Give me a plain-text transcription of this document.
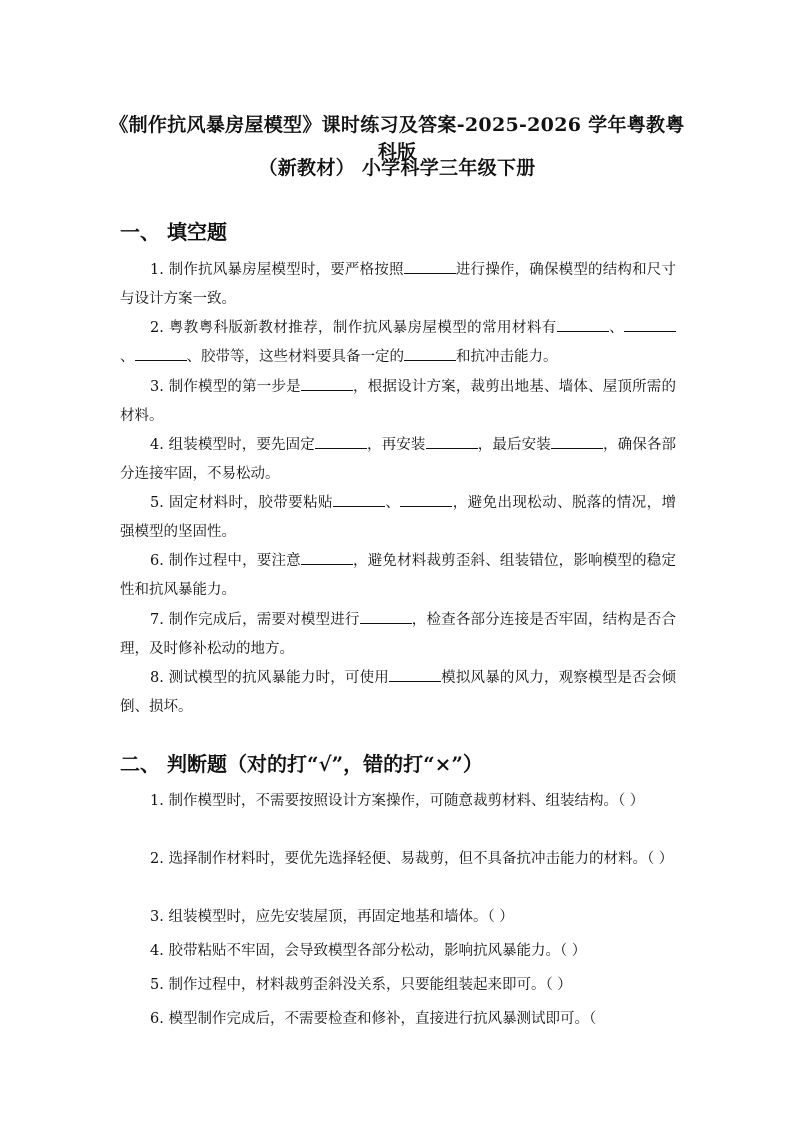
《制作抗风暴房屋模型》课时练习及答案-2025-2026 学年粤教粤科版
（新教材） 小学科学三年级下册
一、 填空题

1. 制作抗风暴房屋模型时，要严格按照	进行操作，确保模型的结构和尺寸与设计方案一致。

2. 粤教粤科版新教材推荐，制作抗风暴房屋模型的常用材料有	、、	、胶带等，这些材料要具备一定的	和抗冲击能力。

3. 制作模型的第一步是	，根据设计方案，裁剪出地基、墙体、屋顶所需的材料。

4. 组装模型时，要先固定	，再安装	，最后安装	，确保各部分连接牢固，不易松动。

5. 固定材料时，胶带要粘贴	、	，避免出现松动、脱落的情况，增强模型的坚固性。

6. 制作过程中，要注意	，避免材料裁剪歪斜、组装错位，影响模型的稳定性和抗风暴能力。

7. 制作完成后，需要对模型进行	，检查各部分连接是否牢固，结构是否合理，及时修补松动的地方。

8. 测试模型的抗风暴能力时，可使用	模拟风暴的风力，观察模型是否会倾倒、损坏。

二、 判断题（对的打“√”，错的打“×”）

1. 制作模型时，不需要按照设计方案操作，可随意裁剪材料、组装结构。（ ）

2. 选择制作材料时，要优先选择轻便、易裁剪，但不具备抗冲击能力的材料。（ ）

3. 组装模型时，应先安装屋顶，再固定地基和墙体。（ ）

4. 胶带粘贴不牢固，会导致模型各部分松动，影响抗风暴能力。（ ）

5. 制作过程中，材料裁剪歪斜没关系，只要能组装起来即可。（ ）

6. 模型制作完成后，不需要检查和修补，直接进行抗风暴测试即可。（
